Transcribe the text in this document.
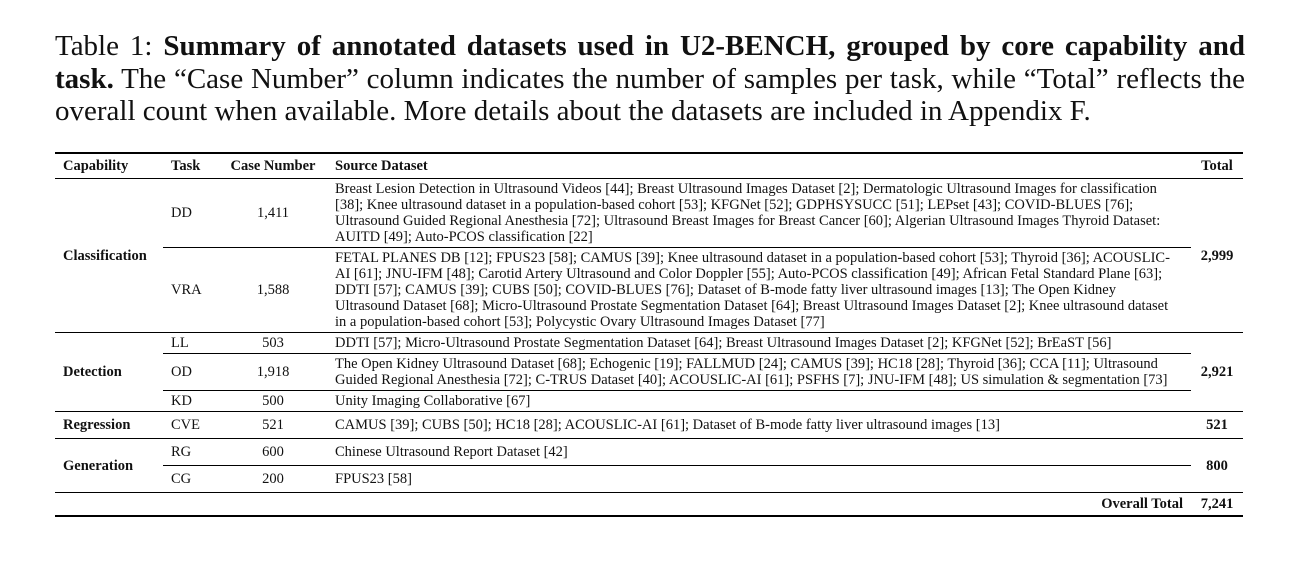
Table 1: Summary of annotated datasets used in U2-BENCH, grouped by core capability and task. The “Case Number” column indicates the number of samples per task, while “Total” reflects the overall count when available. More details about the datasets are included in Appendix F.
Capability	Task	Case Number	Source Dataset	Total
Classification	DD	1,411	Breast Lesion Detection in Ultrasound Videos [44]; Breast Ultrasound Images Dataset [2]; Dermatologic Ultrasound Images for classification [38]; Knee ultrasound dataset in a population-based cohort [53]; KFGNet [52]; GDPHSYSUCC [51]; LEPset [43]; COVID-BLUES [76]; Ultrasound Guided Regional Anesthesia [72]; Ultrasound Breast Images for Breast Cancer [60]; Algerian Ultrasound Images Thyroid Dataset: AUITD [49]; Auto-PCOS classification [22]	2,999
	VRA	1,588	FETAL PLANES DB [12]; FPUS23 [58]; CAMUS [39]; Knee ultrasound dataset in a population-based cohort [53]; Thyroid [36]; ACOUSLIC-AI [61]; JNU-IFM [48]; Carotid Artery Ultrasound and Color Doppler [55]; Auto-PCOS classification [49]; African Fetal Standard Plane [63]; DDTI [57]; CAMUS [39]; CUBS [50]; COVID-BLUES [76]; Dataset of B-mode fatty liver ultrasound images [13]; The Open Kidney Ultrasound Dataset [68]; Micro-Ultrasound Prostate Segmentation Dataset [64]; Breast Ultrasound Images Dataset [2]; Knee ultrasound dataset in a population-based cohort [53]; Polycystic Ovary Ultrasound Images Dataset [77]	
Detection	LL	503	DDTI [57]; Micro-Ultrasound Prostate Segmentation Dataset [64]; Breast Ultrasound Images Dataset [2]; KFGNet [52]; BrEaST [56]	2,921
	OD	1,918	The Open Kidney Ultrasound Dataset [68]; Echogenic [19]; FALLMUD [24]; CAMUS [39]; HC18 [28]; Thyroid [36]; CCA [11]; Ultrasound Guided Regional Anesthesia [72]; C-TRUS Dataset [40]; ACOUSLIC-AI [61]; PSFHS [7]; JNU-IFM [48]; US simulation & segmentation [73]	
	KD	500	Unity Imaging Collaborative [67]	
Regression	CVE	521	CAMUS [39]; CUBS [50]; HC18 [28]; ACOUSLIC-AI [61]; Dataset of B-mode fatty liver ultrasound images [13]	521
Generation	RG	600	Chinese Ultrasound Report Dataset [42]	800
	CG	200	FPUS23 [58]	
Overall Total				7,241
